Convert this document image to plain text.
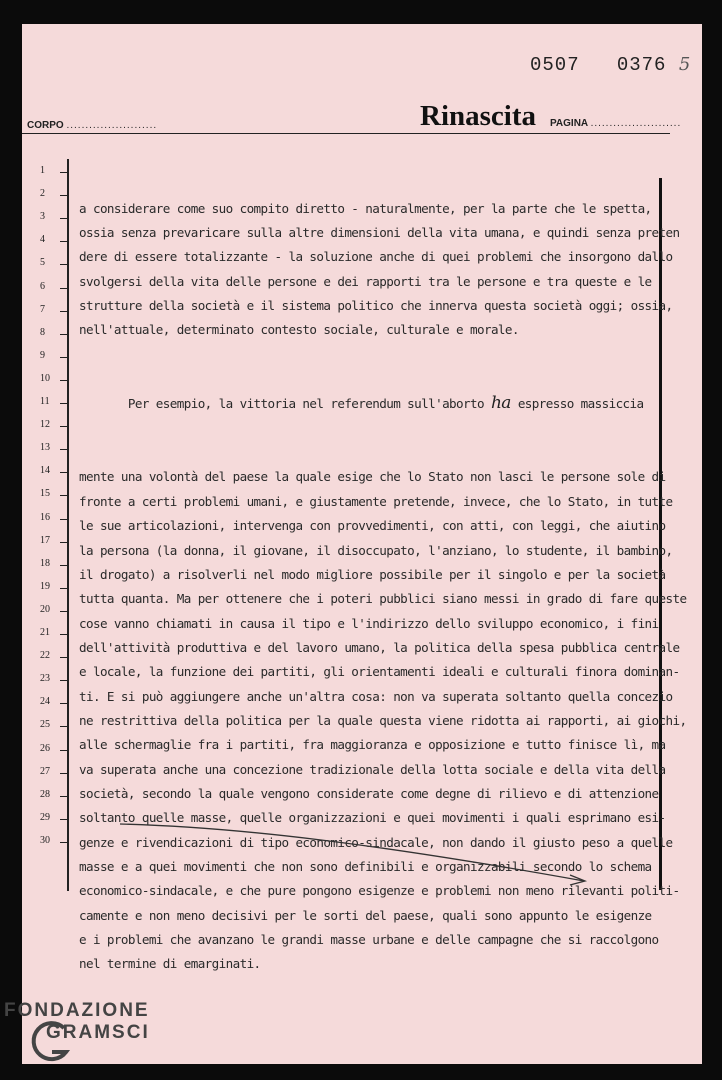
0507   0376 5
CORPO ........................	Rinascita PAGINA ........................
1
2
3
4
5
6
7
8
9
10
11
12
13
14
15
16
17
18
19
20
21
22
23
24
25
26
27
28
29
30

a considerare come suo compito diretto - naturalmente, per la parte che le spetta,
ossia senza prevaricare sulla altre dimensioni della vita umana, e quindi senza preten
dere di essere totalizzante - la soluzione anche di quei problemi che insorgono dallo
svolgersi della vita delle persone e dei rapporti tra le persone e tra queste e le
strutture della società e il sistema politico che innerva questa società oggi; ossia,
nell'attuale, determinato contesto sociale, culturale e morale.

Per esempio, la vittoria nel referendum sull'aborto ha espresso massiccia

mente una volontà del paese la quale esige che lo Stato non lasci le persone sole di
fronte a certi problemi umani, e giustamente pretende, invece, che lo Stato, in tutte
le sue articolazioni, intervenga con provvedimenti, con atti, con leggi, che aiutino
la persona (la donna, il giovane, il disoccupato, l'anziano, lo studente, il bambino,
il drogato) a risolverli nel modo migliore possibile per il singolo e per la società
tutta quanta. Ma per ottenere che i poteri pubblici siano messi in grado di fare queste
cose vanno chiamati in causa il tipo e l'indirizzo dello sviluppo economico, i fini
dell'attività produttiva e del lavoro umano, la politica della spesa pubblica centrale
e locale, la funzione dei partiti, gli orientamenti ideali e culturali finora dominan-
ti. E si può aggiungere anche un'altra cosa: non va superata soltanto quella concezio
ne restrittiva della politica per la quale questa viene ridotta ai rapporti, ai giochi,
alle schermaglie fra i partiti, fra maggioranza e opposizione e tutto finisce lì, ma
va superata anche una concezione tradizionale della lotta sociale e della vita della
società, secondo la quale vengono considerate come degne di rilievo e di attenzione
soltanto quelle masse, quelle organizzazioni e quei movimenti i quali esprimano esi-
genze e rivendicazioni di tipo economico-sindacale, non dando il giusto peso a quelle
masse e a quei movimenti che non sono definibili e organizzabili secondo lo schema
economico-sindacale, e che pure pongono esigenze e problemi non meno rilevanti politi-
camente e non meno decisivi per le sorti del paese, quali sono appunto le esigenze
e i problemi che avanzano le grandi masse urbane e delle campagne che si raccolgono
nel termine di emarginati.

FONDAZIONE
GRAMSCI
